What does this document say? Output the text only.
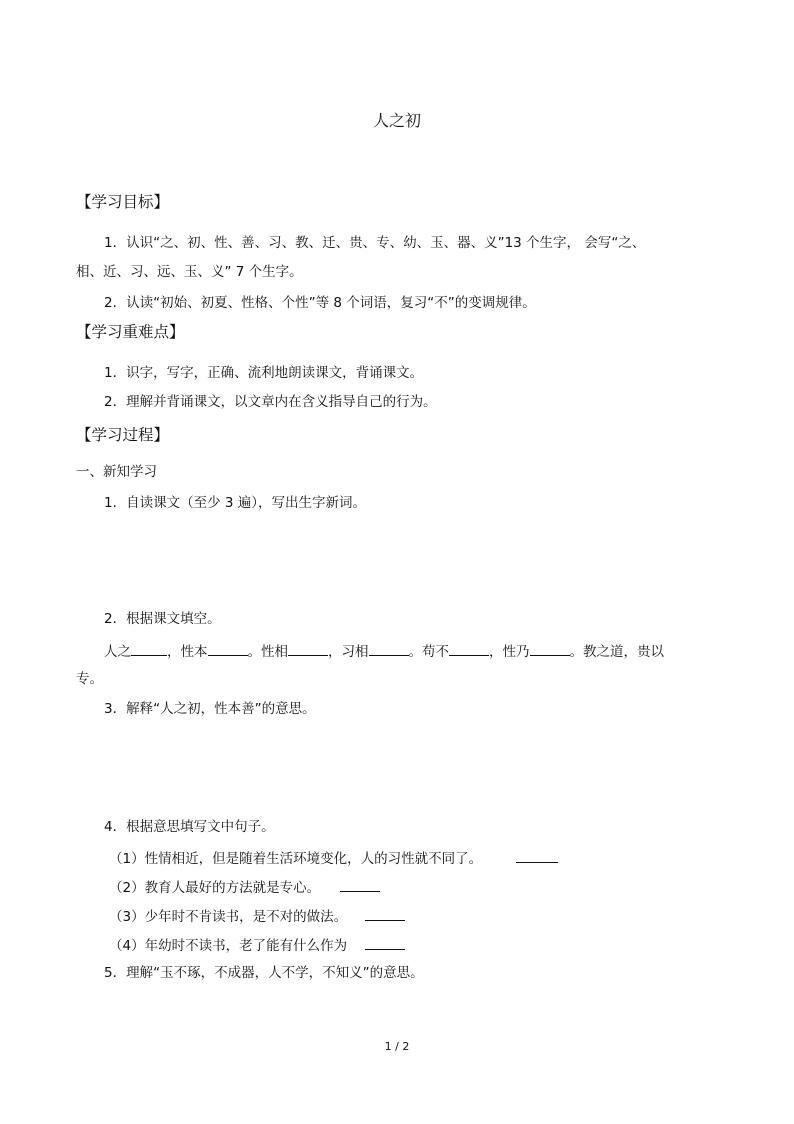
人之初
【学习目标】
1．认识“之、初、性、善、习、教、迁、贵、专、幼、玉、器、义”13 个生字， 会写“之、
相、近、习、远、玉、义” 7 个生字。
2．认读“初始、初夏、性格、个性”等 8 个词语，复习“不”的变调规律。
【学习重难点】
1．识字，写字，正确、流利地朗读课文，背诵课文。
2．理解并背诵课文，以文章内在含义指导自己的行为。
【学习过程】
一、新知学习
1．自读课文（至少 3 遍），写出生字新词。
2．根据课文填空。
人之	，性本	。性相	，习相	。苟不	，性乃	。教之道，贵以
专。
3．解释“人之初，性本善”的意思。
4．根据意思填写文中句子。
（1）性情相近，但是随着生活环境变化，人的习性就不同了。
（2）教育人最好的方法就是专心。
（3）少年时不肯读书，是不对的做法。
（4）年幼时不读书，老了能有什么作为
5．理解“玉不琢，不成器，人不学，不知义”的意思。
1 / 2
